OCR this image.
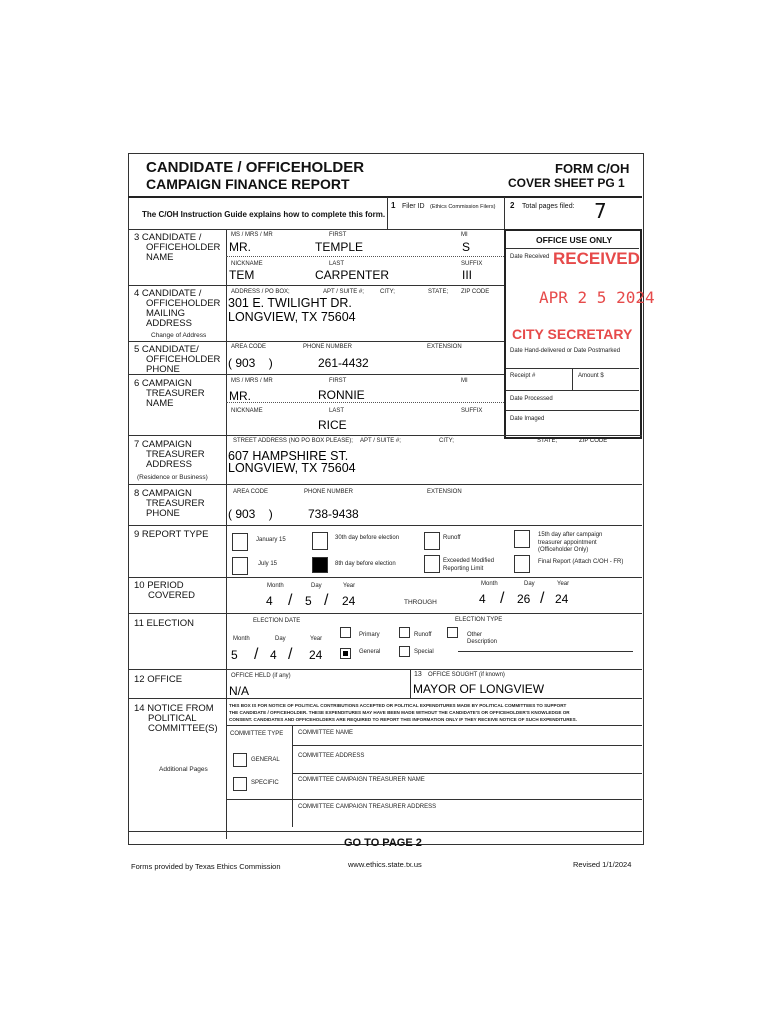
CANDIDATE / OFFICEHOLDER
CAMPAIGN FINANCE REPORT
FORM C/OH
COVER SHEET PG 1
The C/OH Instruction Guide explains how to complete this form.
1 Filer ID (Ethics Commission Filers) 2 Total pages filed: 7
OFFICE USE ONLY
Date Received RECEIVED
APR 2 5 2024
CITY SECRETARY
Date Hand-delivered or Date Postmarked
Receipt #	Amount $
Date Processed
Date Imaged
3 CANDIDATE /
OFFICEHOLDER
NAME
MS / MRS / MR	FIRST	MI
MR.	TEMPLE	S
NICKNAME	LAST	SUFFIX
TEM	CARPENTER	III
4 CANDIDATE /
OFFICEHOLDER
MAILING
ADDRESS
ADDRESS / PO BOX;	APT / SUITE #;	CITY;	STATE; ZIP CODE
301 E. TWILIGHT DR.
LONGVIEW, TX 75604
Change of Address
5 CANDIDATE/
OFFICEHOLDER
PHONE
AREA CODE	PHONE NUMBER	EXTENSION
( 903    )	261-4432
6 CAMPAIGN
TREASURER
NAME
MS / MRS / MR	FIRST	MI
MR.	RONNIE
NICKNAME	LAST	SUFFIX
RICE
7 CAMPAIGN
TREASURER
ADDRESS
STREET ADDRESS (NO PO BOX PLEASE); APT / SUITE #;	CITY;	STATE;	ZIP CODE
607 HAMPSHIRE ST.
LONGVIEW, TX 75604
(Residence or Business)
8 CAMPAIGN
TREASURER
PHONE
AREA CODE	PHONE NUMBER	EXTENSION
( 903    )	738-9438
9 REPORT TYPE	January 15	30th day before election	Runoff	15th day after campaign
treasurer appointment
(Officeholder Only)
July 15	8th day before election	Exceeded Modified
Reporting Limit
Final Report (Attach C/OH - FR)
10 PERIOD
COVERED
Month	Day	Year
4 / 5 / 24	THROUGH
Month	Day	Year
4 / 26 / 24
11 ELECTION	ELECTION DATE	ELECTION TYPE
Month	Day	Year
5 / 4 / 24
Primary	Runoff	Other
Description
General	Special
12 OFFICE	OFFICE HELD (if any)
N/A
13 OFFICE SOUGHT (if known)
MAYOR OF LONGVIEW
14 NOTICE FROM
POLITICAL
COMMITTEE(S)
THIS BOX IS FOR NOTICE OF POLITICAL CONTRIBUTIONS ACCEPTED OR POLITICAL EXPENDITURES MADE BY POLITICAL COMMITTEES TO SUPPORT
THE CANDIDATE / OFFICEHOLDER. THESE EXPENDITURES MAY HAVE BEEN MADE WITHOUT THE CANDIDATE'S OR OFFICEHOLDER'S KNOWLEDGE OR
CONSENT. CANDIDATES AND OFFICEHOLDERS ARE REQUIRED TO REPORT THIS INFORMATION ONLY IF THEY RECEIVE NOTICE OF SUCH EXPENDITURES.
COMMITTEE TYPE COMMITTEE NAME
GENERAL
COMMITTEE ADDRESS
Additional Pages
SPECIFIC	COMMITTEE CAMPAIGN TREASURER NAME
COMMITTEE CAMPAIGN TREASURER ADDRESS
GO TO PAGE 2
Forms provided by Texas Ethics Commission	www.ethics.state.tx.us	Revised 1/1/2024
